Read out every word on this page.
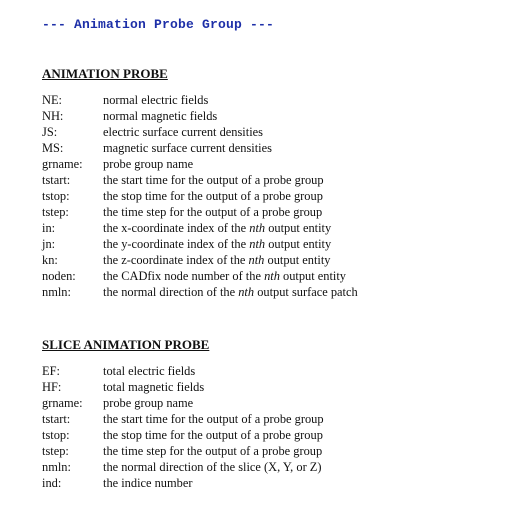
--- Animation Probe Group ---
ANIMATION PROBE
NE:	normal electric fields
NH:	normal magnetic fields
JS:	electric surface current densities
MS:	magnetic surface current densities
grname:	probe group name
tstart:	the start time for the output of a probe group
tstop:	the stop time for the output of a probe group
tstep:	the time step for the output of a probe group
in:	the x-coordinate index of the nth output entity
jn:	the y-coordinate index of the nth output entity
kn:	the z-coordinate index of the nth output entity
noden:	the CADfix node number of the nth output entity
nmln:	the normal direction of the nth output surface patch
SLICE ANIMATION PROBE
EF:	total electric fields
HF:	total magnetic fields
grname:	probe group name
tstart:	the start time for the output of a probe group
tstop:	the stop time for the output of a probe group
tstep:	the time step for the output of a probe group
nmln:	the normal direction of the slice (X, Y, or Z)
ind:	the indice number
